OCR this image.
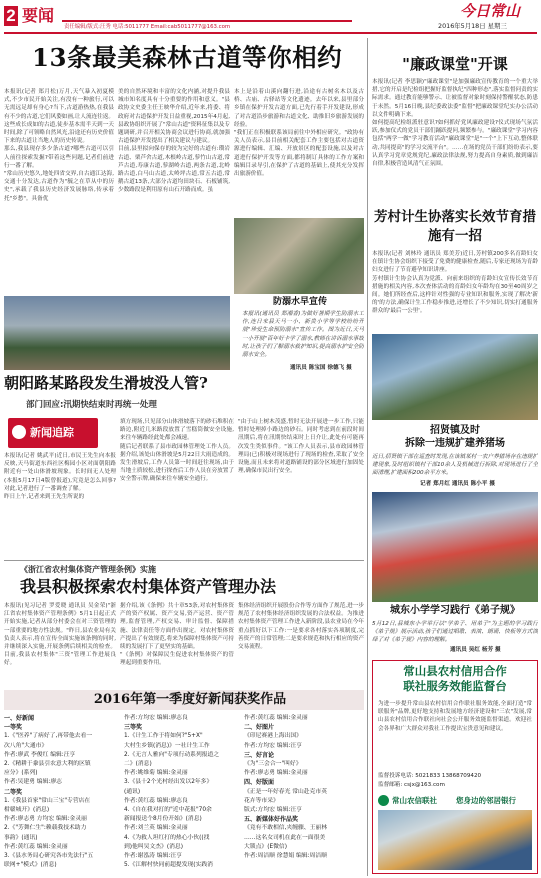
2 要闻
责任编辑/版式:汪秀 电话:5011777 Email:cab5011777@163.com
今日常山
2016年5月18日 星期三
13条最美森林古道等你相约
本报讯(记者 郑月松)万月,天气暴入初夏模式,不少市民开始关注,有没有一种旅行,可以无需远足却有身心?当下,古道游热热,在我县有不少的古道,它们风姿如画,让人流连往返。这些成长成如的古道,徒步基本需半天到一天时间,除了可领略自然风光,沿途还有历史价值下来的古道让当地人的历史传说。
那么,我县现存多少条古道?哪些古道可以引人前往探索发掘?带着这些问题,记者们前进行一番了解。
"常山历史悠久,地处四省交界,自古通江达海,交通十分发达,古道作为"毓之在草从中的历史",承载了我县历史经济发展脉络,传承着托"乡愁"。具备优
美的自然环境和丰富的文化内涵,对提升我县城市知名度具有十分重要的作用和意义。"县政协文史委主任王映华介绍,近年来,将委、将政府对古道保护开发日益重视,2015年4月起,县政协组织开展了"常山古道"资料征集以及专题调研,并召开相关协商会议进行协商,就加强古道保护开发提出了相关建议与建议。
目前,县里拟向保存的较为完好的古道有:瓒岩古道、栗芦舍古道,木根岭古道,蓼竹山古道,常芦古道,寿康古道,蓼湖岭古道,两条古道,北岭路古道,白马山古道,太岭坪古道,常五古道,常鹅古道13条,大部分古道均田块石、石板铺筑,少数路段是利用原有山石开路而成。虽
本上是沿着山溪向翻行进,沿途有古树名木以及古桥、古庙、古驿站等文化遗迹。去年以来,县里部分乡镇在保护开发古道方面,已先行着手开发建设,形成了对古道沿步旅游和古道文化、助推旧乡旅游发展的经验。
"我们正在积极联系该局前往中外相应研究。"政协有关人员表示,县目前相关配套工作主要包括对古道资源进行编辑、汇编、开放景区的配套设施,以及对古道进行保护开发等方面,都将制订具体的工作方案和编辑目录导引,在保护了古道的基础上,使其充分发挥出旅游价值。
防溺水早宣传
本报讯(通讯员 郑湘香)为做好暑期学生防溺水工作,连日来县天马一小、新贵小学等学校纷纷开展"珍爱生命预防溺水"宣传工作。图为近日,天马一小开展"百年好卡学了溺水,教师在讲诉溺水事故时,让孩子们了解溺水救护知识,提高溺水护安全防溺水安全。
通讯员 陈宝国 徐德飞 摄
朝阳路某路段发生滑坡没人管?
部门回应:汛期快结束时再统一处理
新闻追踪
本报讯(记者 姚武平)近日,市民王先生向本报反映,天马街道东西社区梅园小区对面朝阳路附近有一处山体滑坡现象。长时间无人处理(本报5月17日4版曾报道),究竟是怎么回事?对此,记者进行了一番调查了解。
昨日上午,记者来到王先生所说的
填方现场,只见部分山体滑坡落下的砂石堆积在路边,附近几米路段放置了雪糕筒做安全设施,来往车辆路经此处都会减速。
随后记者联系了县市政园林管理处工作人员。据介绍,该处山体滑坡是5月22日大雨造成的。发生滑坡后,工作人员第一时间赶往现场,由于当地土质较松,进行探查后工作人员在旁放置了安全警示牌,确保来往车辆安全通行。
"由于山上树木茂盛,暂时无法开展进一步工作,只能暂时处理掉小路边的砂石。同时考虑到在前段时间汛期后,将在汛期快结束时上日介让,此处有可能再次发生类似事件。"该工作人员表示,县市政园林管理局(已)积极对现场进行了现场的检查,采取了安全设施,而且未来将对道路铺设的部分区域进行加固处理,确保市民出行安全。
《浙江省农村集体资产管理条例》实施
我县积极探索农村集体资产管理办法
本报讯(见习记者 罗爱晓 通讯员 吴金荣)"浙江省农村集体资产管理条例》5月1日起正式开始实施,记者从部分村委会在对三资管理的一部重要的地方性法规。"昨日,县农业局有关负责人表示,将在宣传全面实施该条例的同时,并继续深入实施,开展条例后续相关的检查。目前,我县农村集体"三资"管理工作进展良好。
据介绍,该《条例》共十章53条,对农村集体资产的资产权属、资产交易,资产运营、资产管理,监督管理,产权交易、审计监督、保障措施、法律责任等方面作出规定。对农村集体资产提出了有效规范,将来为保障村集体资产可持续的发展打下了更坚实的基础。
"《条例》对保障民生促进农村集体资产的管理起到重要作用。
集体经济组织开展股份合作等方面作了规范,进一步规范了农村集体经济组织发展的合法权益。为推进农村集体资产管理工作进入新阶段,县农业局在今年重点抓好以下工作:一是要求各村落实各项制度,完善资产的日常管理;二是要求规范和执行相应的资产交易流程。
2016年第一季度好新闻获奖作品
一、好新闻
一等奖
1.《"医养"了病好了,再带他去看一
次八角"大通市》
作者:廖武 李俊红 编辑:汪亨
2.《精耕于豢县引农意大利的区镇
应分》(系列)
作者:吴建勇 编辑:廖志
二等奖
1.《我县首家"常山三宝"专营店在
柑赣城开》(消息)
作者:廖志勇 方均宏 编辑:金灵丽
2.《"芳舞仁生":赖载我技术助力
事韵》(通讯)
作者:黄红蕊 编辑:金灵丽
3.《县水务局心研究各市先法行"五
联网+"模式》(消息)
作者:方均宏 编辑:廖志良
三等奖
1.《计生工作于将如何?"5+X"
大村生乡镇(消息)》一社计生工作
2.《无言人雅向"专项行动系列报道之
二》(消息)
作者:姚维菊 编辑:金灵丽
3.《县十2个光村经出发以2年多》
(通讯)
作者:黄红蕊 编辑:廖志良
4.《自在我对打的"近中花报"70余
新闻报送个8月份开始》(消息)
作者:刘兰英 编辑:金灵丽
4.《为救人坦红打的热心小伙((找
到)他叫吴文杰》(消息)
作者:谢泓涛 编辑:汪亨
5.《江解村快同前超提发现(实践消
作者:黄红蕊 编辑:金灵丽
二、好图片
《印尼赛港上海出国》
作者:方均宏 编辑:汪亨
三、好言论
《为"三会合一"叫好》
作者:廖志勇 编辑:金灵丽
四、好版面
《正是一年好春光 常山赴克市英
花卉等市采》
版式:方均宏 编辑:汪亨
五、新媒体好作品奖
《竟有不敢相信,夹缠骤、王丽林
……这名女司机在此在一面很美
大锁点》(E微信)
作者:周洁顺 徐慧娟 编辑:周洁顺
"廉政课堂"开课
本报讯(记者 李思颖)"廉政课堂"是加强廉政宣传教育的一个重大举措,它的开启是纪检组把握好监督执纪"四种形态",落实监督问责的实际需求。通过教育能够警示、让被监督对象时刻保持警醒状态,防患于未然。5月16日晚,县纪委政法委"监督"把廉政课堂纪实办公活动以文件明确下来。
如何提高纪检组派驻意识?如何抓好党风廉政建设?仪式现场气氛活跃,参加仪式的党员干部们踊跃提问,频繁参与。"廉政课堂"学习内容包括"两学一做"学习教育活动"廉政课堂"是"一个"上下互动,整体联动,共同提高"的学习交流平台"。……在场的党员干部们纷纷表示,要认真学习党章党规党纪,廉政法律法规,努力提高自身素质,做到廉洁自律,积极营造风清气正氛围。
芳村计生协落实长效节育措施有一招
本报讯(记者 刘林玲 通讯员 郑美芳)近日,芳村镇200多名育龄妇女在镇计生协会组织下接受了免费的健康检查,随后,专家还现场为育龄妇女进行了节育避孕知识讲座。
芳村镇计生协会认真为党派、向前来组织的育龄妇女宣传长效节育措施的相关内容,本次查体活动的育龄妇女年龄均在30至40周岁之间。她们所经查后,这样针对性强的专业知识和服务,实现了解决'新的'的方法,确保计生工作稳步推进,还增长了不少知识,切实打通服务群众的'最后一公里'。
招贤镇及时
拆除一违规扩建养猪场
近日,招贤镇干部在巡查时发现,在该镇某村一农户养猪场存在违规扩建现象,及时组织镇村干部10余人及机械进行拆除,对现场进行了全面清理,扩建面积200余平方米。
记者 郑月红 通讯员 陈小平 摄
城东小学学习践行《弟子规》
5月12日,县城东小学举行以"学弟子、用弟子"为主题的学习践行《弟子规》展示活动,孩子们通过唱歌、表演、朗诵、快板等方式演绎了对《弟子规》内容的理解。
通讯员 吴红 杨芳 摄
常山县农村信用合作
联社服务效能监督台
为进一步提升常山县农村信用合作联社服务效能,全面打造"常联服务"品牌,更好地支持和发展地方经济建设和"三农"发展,常山县农村信用合作联社向社会公开服务效能监督渠道。欢迎社会各界和广大群众对我社工作提出宝贵意见和建议。
监督投诉电话: 5021833 13868709420
监督邮箱: csjx@163.com
常山农信联社	您身边的邻居银行
